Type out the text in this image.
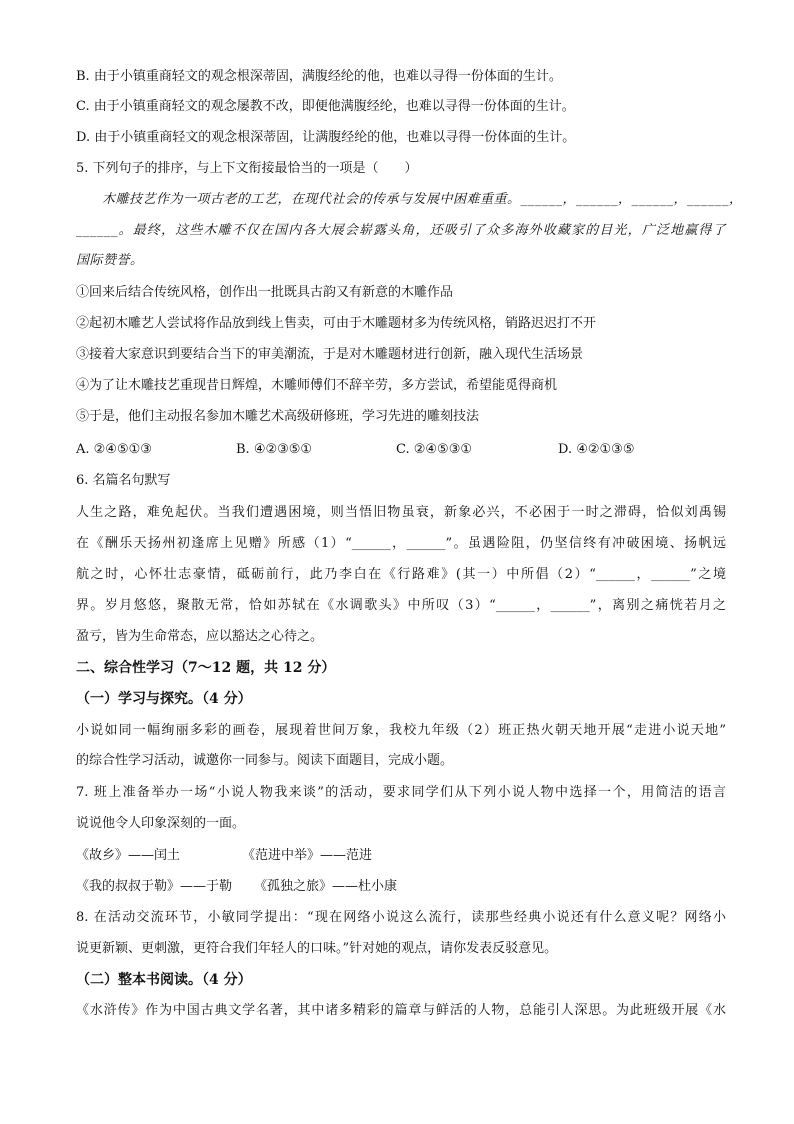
B. 由于小镇重商轻文的观念根深蒂固，满腹经纶的他，也难以寻得一份体面的生计。
C. 由于小镇重商轻文的观念屡教不改，即便他满腹经纶，也难以寻得一份体面的生计。
D. 由于小镇重商轻文的观念根深蒂固，让满腹经纶的他，也难以寻得一份体面的生计。
5. 下列句子的排序，与上下文衔接最恰当的一项是（　　）
木雕技艺作为一项古老的工艺，在现代社会的传承与发展中困难重重。______，______，______，______，
______。最终，这些木雕不仅在国内各大展会崭露头角，还吸引了众多海外收藏家的目光，广泛地赢得了
国际赞誉。
①回来后结合传统风格，创作出一批既具古韵又有新意的木雕作品
②起初木雕艺人尝试将作品放到线上售卖，可由于木雕题材多为传统风格，销路迟迟打不开
③接着大家意识到要结合当下的审美潮流，于是对木雕题材进行创新，融入现代生活场景
④为了让木雕技艺重现昔日辉煌，木雕师傅们不辞辛劳，多方尝试，希望能觅得商机
⑤于是，他们主动报名参加木雕艺术高级研修班，学习先进的雕刻技法
A. ②④⑤①③	B. ④②③⑤①	C. ②④⑤③①	D. ④②①③⑤
6. 名篇名句默写
人生之路，难免起伏。当我们遭遇困境，则当悟旧物虽衰，新象必兴，不必困于一时之滞碍，恰似刘禹锡
在《酬乐天扬州初逢席上见赠》所感（1）“______，______”。虽遇险阻，仍坚信终有冲破困境、扬帆远
航之时，心怀壮志豪情，砥砺前行，此乃李白在《行路难》(其一）中所倡（2）“______，______”之境
界。岁月悠悠，聚散无常，恰如苏轼在《水调歌头》中所叹（3）“______，______”，离别之痛恍若月之
盈亏，皆为生命常态，应以豁达之心待之。
二、综合性学习（7～12 题，共 12 分）
（一）学习与探究。（4 分）
小说如同一幅绚丽多彩的画卷，展现着世间万象，我校九年级（2）班正热火朝天地开展“走进小说天地”
的综合性学习活动，诚邀你一同参与。阅读下面题目，完成小题。
7. 班上准备举办一场“小说人物我来谈”的活动，要求同学们从下列小说人物中选择一个，用简洁的语言
说说他令人印象深刻的一面。
《故乡》——闰土	《范进中举》——范进
《我的叔叔于勒》——于勒 《孤独之旅》——杜小康
8. 在活动交流环节，小敏同学提出：“现在网络小说这么流行，读那些经典小说还有什么意义呢？网络小
说更新颖、更刺激，更符合我们年轻人的口味。”针对她的观点，请你发表反驳意见。
（二）整本书阅读。（4 分）
《水浒传》作为中国古典文学名著，其中诸多精彩的篇章与鲜活的人物，总能引人深思。为此班级开展《水
